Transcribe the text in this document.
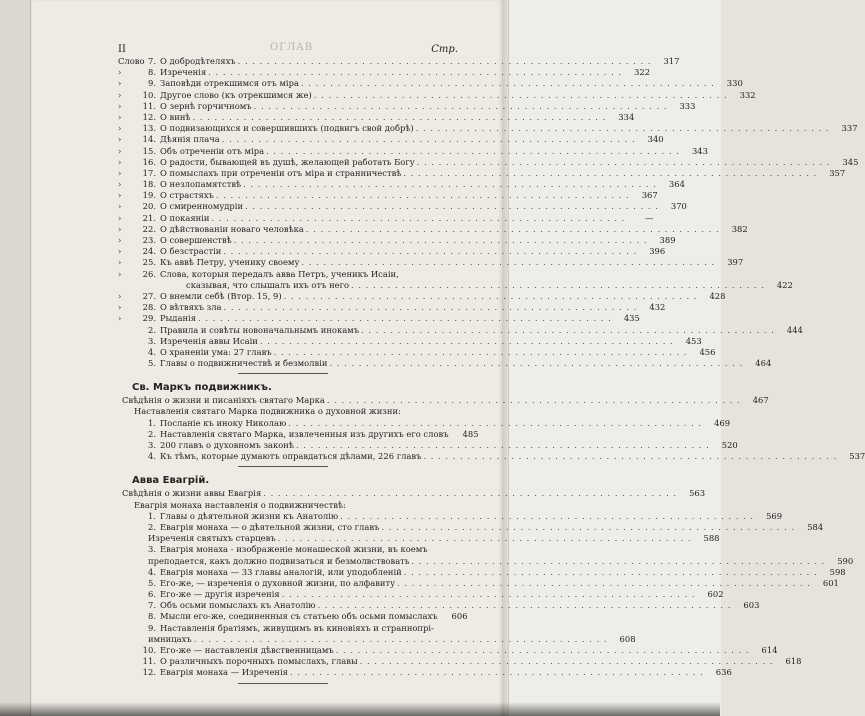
ОГЛАВ
II	Стр.
Слово 7. О добродѣтеляхъ . . .	317
›	8. Изреченія . . .	322
›	9. Заповѣди отрекшимся отъ міра . . .	330
›	10. Другое слово (къ отрекшимся же) . . .	332
›	11. О зернѣ горчичномъ . . .	333
›	12. О винѣ . . .	334
›	13. О подвизающихся и совершившихъ (подвигъ свой добрѣ) . . .	337
›	14. Дѣянія плача . . .	340
›	15. Объ отреченіи отъ міра . . .	343
›	16. О радости, бывающей въ душѣ, желающей работать Богу . . .	345
›	17. О помыслахъ при отреченіи отъ міра и странничествѣ . . .	357
›	18. О незлопамятствѣ . . .	364
›	19. О страстяхъ . . .	367
›	20. О смиренномудріи . . .	370
›	21. О покаяніи . . .	—
›	22. О дѣйствованіи новаго человѣка . . .	382
›	23. О совершенствѣ . . .	389
›	24. О безстрастіи . . .	396
›	25. Къ аввѣ Петру, ученику своему . . .	397
›	26. Слова, которыя передалъ авва Петръ, ученикъ Исаіи,
сказывая, что слышалъ ихъ отъ него . . .	422
›	27. О внемли себѣ (Втор. 15, 9) . . .	428
›	28. О вѣтвяхъ зла . . .	432
›	29. Рыданія . . .	435
2. Правила и совѣты новоначальнымъ инокамъ . . .	444
3. Изреченія аввы Исаіи . . .	453
4. О храненіи ума: 27 главъ . . .	456
5. Главы о подвижничествѣ и безмолвіи . . .	464
Св. Маркъ подвижникъ.
Свѣдѣнія о жизни и писаніяхъ святаго Марка . . .	467
Наставленія святаго Марка подвижника о духовной жизни:
1. Посланіе къ иноку Николаю . . .	469
2. Наставленія святаго Марка, извлеченныя изъ другихъ его словъ	485
3. 200 главъ о духовномъ законѣ . . .	520
4. Къ тѣмъ, которые думаютъ оправдаться дѣлами, 226 главъ . . .	537
Авва Евагрій.
Свѣдѣнія о жизни аввы Евагрія . . .	563
Евагрія монаха наставленія о подвижничествѣ:
1. Главы о дѣятельной жизни къ Анатолію . . .	569
2. Евагрія монаха — о дѣятельной жизни, сто главъ . . .	584
Изреченія святыхъ старцевъ . . .	588
3. Евагрія монаха - изображеніе монашеской жизни, въ коемъ
преподается, какъ должно подвизаться и безмолвствовать . . .	590
4. Евагрія монаха — 33 главы аналогій, или уподобленій . . .	598
5. Его-же, — изреченія о духовной жизни, по алфавиту . . .	601
6. Его-же — другія изреченія . . .	602
7. Объ осьми помыслахъ къ Анатолію . . .	603
8. Мысли его-же, соединенныя съ статьею объ осьми помыслахъ	606
9. Наставленія братіямъ, живущимъ въ киновіяхъ и страннопрі-
имницахъ . . .	608
10. Его-же — наставленія дѣвственницамъ . . .	614
11. О различныхъ порочныхъ помыслахъ, главы . . .	618
12. Евагрія монаха — Изреченія . . .	636
